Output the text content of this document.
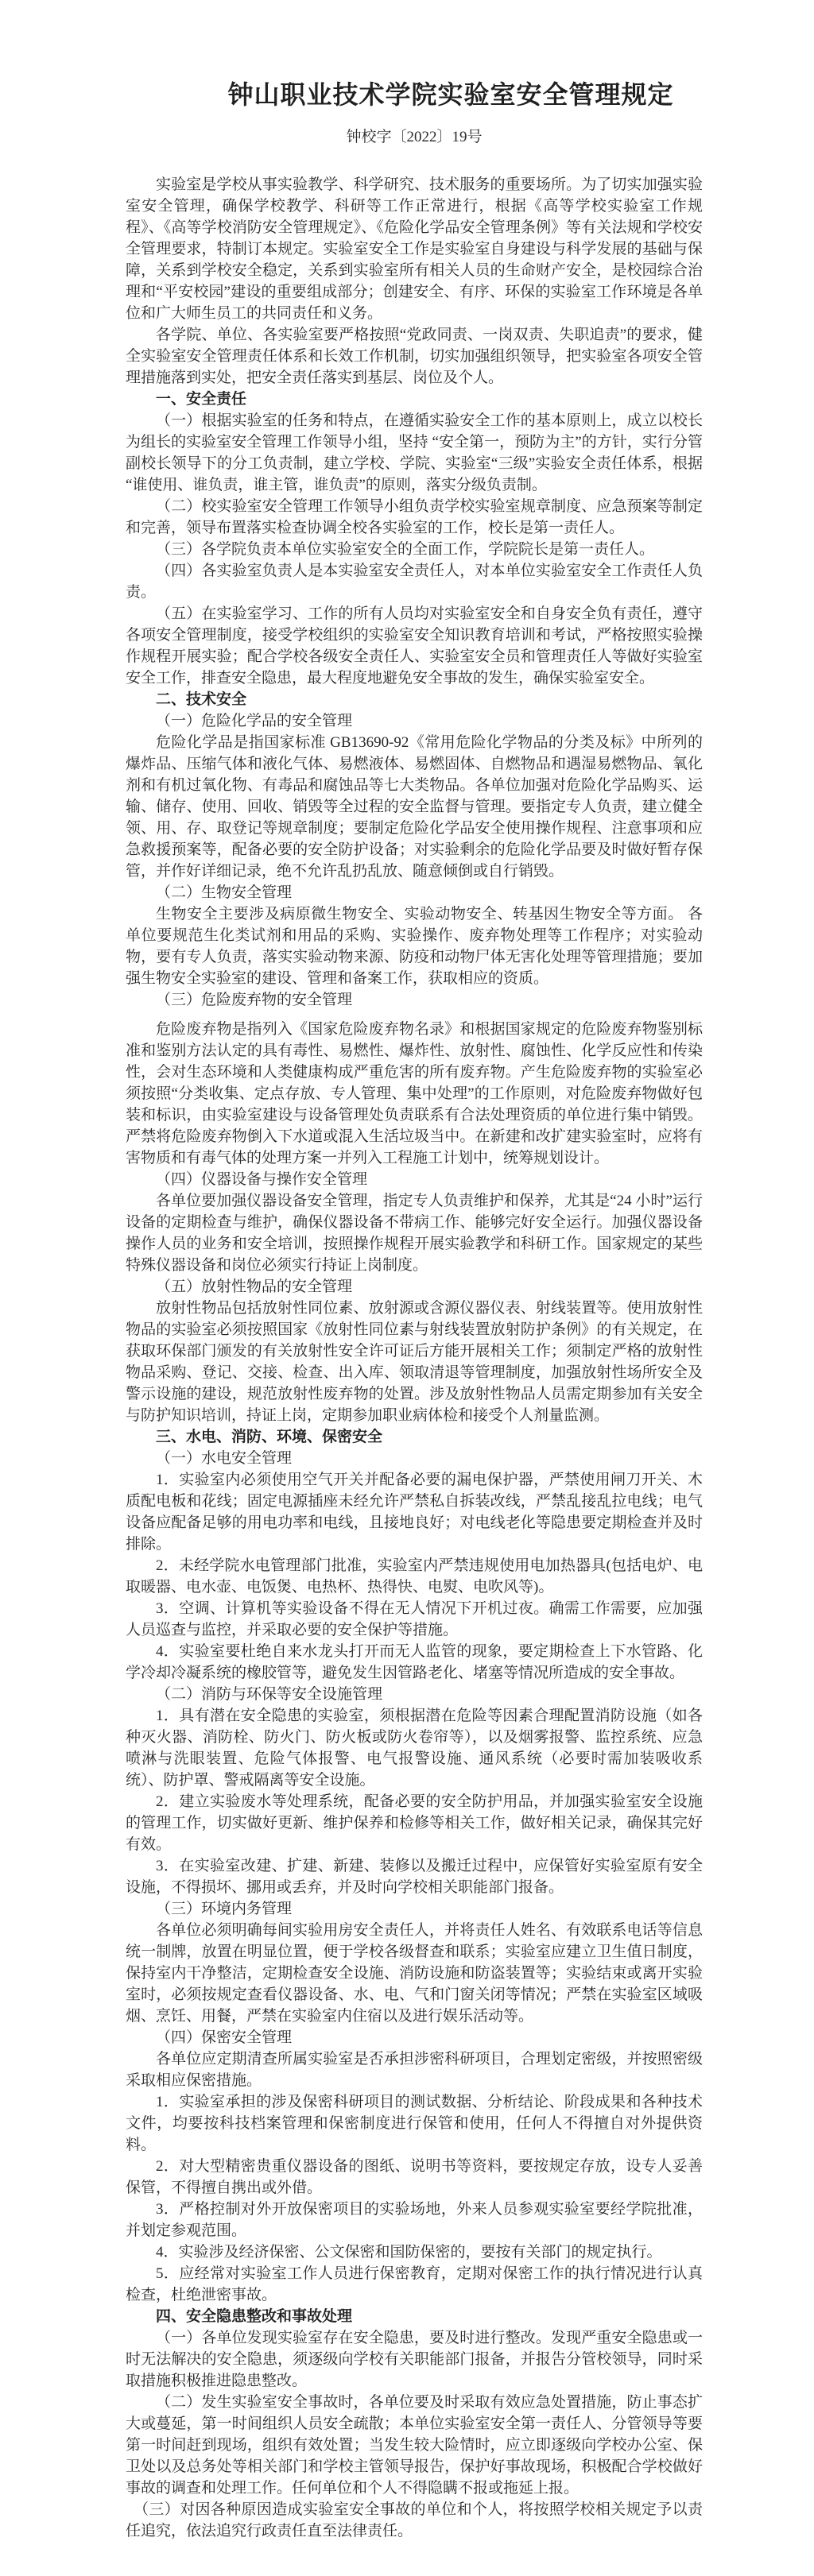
钟山职业技术学院实验室安全管理规定

钟校字〔2022〕19号

实验室是学校从事实验教学、科学研究、技术服务的重要场所。为了切实加强实验室安全管理，确保学校教学、科研等工作正常进行，根据《高等学校实验室工作规程》、《高等学校消防安全管理规定》、《危险化学品安全管理条例》等有关法规和学校安全管理要求，特制订本规定。实验室安全工作是实验室自身建设与科学发展的基础与保障，关系到学校安全稳定，关系到实验室所有相关人员的生命财产安全，是校园综合治理和“平安校园”建设的重要组成部分；创建安全、有序、环保的实验室工作环境是各单位和广大师生员工的共同责任和义务。

各学院、单位、各实验室要严格按照“党政同责、一岗双责、失职追责”的要求，健全实验室安全管理责任体系和长效工作机制，切实加强组织领导，把实验室各项安全管理措施落到实处，把安全责任落实到基层、岗位及个人。

一、安全责任

（一）根据实验室的任务和特点，在遵循实验安全工作的基本原则上，成立以校长为组长的实验室安全管理工作领导小组，坚持 “安全第一，预防为主”的方针，实行分管副校长领导下的分工负责制，建立学校、学院、实验室“三级”实验安全责任体系，根据“谁使用、谁负责，谁主管，谁负责”的原则，落实分级负责制。

（二）校实验室安全管理工作领导小组负责学校实验室规章制度、应急预案等制定和完善，领导布置落实检查协调全校各实验室的工作，校长是第一责任人。

（三）各学院负责本单位实验室安全的全面工作，学院院长是第一责任人。

（四）各实验室负责人是本实验室安全责任人，对本单位实验室安全工作责任人负责。

（五）在实验室学习、工作的所有人员均对实验室安全和自身安全负有责任，遵守各项安全管理制度，接受学校组织的实验室安全知识教育培训和考试，严格按照实验操作规程开展实验；配合学校各级安全责任人、实验室安全员和管理责任人等做好实验室安全工作，排查安全隐患，最大程度地避免安全事故的发生，确保实验室安全。

二、技术安全

（一）危险化学品的安全管理

危险化学品是指国家标准 GB13690-92《常用危险化学物品的分类及标》中所列的爆炸品、压缩气体和液化气体、易燃液体、易燃固体、自燃物品和遇湿易燃物品、氧化剂和有机过氧化物、有毒品和腐蚀品等七大类物品。各单位加强对危险化学品购买、运输、储存、使用、回收、销毁等全过程的安全监督与管理。要指定专人负责，建立健全领、用、存、取登记等规章制度；要制定危险化学品安全使用操作规程、注意事项和应急救援预案等，配备必要的安全防护设备；对实验剩余的危险化学品要及时做好暂存保管，并作好详细记录，绝不允许乱扔乱放、随意倾倒或自行销毁。

（二）生物安全管理

生物安全主要涉及病原微生物安全、实验动物安全、转基因生物安全等方面。 各单位要规范生化类试剂和用品的采购、实验操作、废弃物处理等工作程序；对实验动物，要有专人负责，落实实验动物来源、防疫和动物尸体无害化处理等管理措施；要加强生物安全实验室的建设、管理和备案工作，获取相应的资质。

（三）危险废弃物的安全管理

危险废弃物是指列入《国家危险废弃物名录》和根据国家规定的危险废弃物鉴别标准和鉴别方法认定的具有毒性、易燃性、爆炸性、放射性、腐蚀性、化学反应性和传染性，会对生态环境和人类健康构成严重危害的所有废弃物。产生危险废弃物的实验室必须按照“分类收集、定点存放、专人管理、集中处理”的工作原则，对危险废弃物做好包装和标识，由实验室建设与设备管理处负责联系有合法处理资质的单位进行集中销毁。严禁将危险废弃物倒入下水道或混入生活垃圾当中。在新建和改扩建实验室时，应将有害物质和有毒气体的处理方案一并列入工程施工计划中，统筹规划设计。

（四）仪器设备与操作安全管理

各单位要加强仪器设备安全管理，指定专人负责维护和保养，尤其是“24 小时”运行设备的定期检查与维护，确保仪器设备不带病工作、能够完好安全运行。加强仪器设备操作人员的业务和安全培训，按照操作规程开展实验教学和科研工作。国家规定的某些特殊仪器设备和岗位必须实行持证上岗制度。

（五）放射性物品的安全管理

放射性物品包括放射性同位素、放射源或含源仪器仪表、射线装置等。使用放射性物品的实验室必须按照国家《放射性同位素与射线装置放射防护条例》的有关规定，在获取环保部门颁发的有关放射性安全许可证后方能开展相关工作；须制定严格的放射性物品采购、登记、交接、检查、出入库、领取清退等管理制度，加强放射性场所安全及警示设施的建设，规范放射性废弃物的处置。涉及放射性物品人员需定期参加有关安全与防护知识培训，持证上岗，定期参加职业病体检和接受个人剂量监测。

三、水电、消防、环境、保密安全

（一）水电安全管理

1．实验室内必须使用空气开关并配备必要的漏电保护器，严禁使用闸刀开关、木质配电板和花线；固定电源插座未经允许严禁私自拆装改线，严禁乱接乱拉电线；电气设备应配备足够的用电功率和电线，且接地良好；对电线老化等隐患要定期检查并及时排除。

2．未经学院水电管理部门批准，实验室内严禁违规使用电加热器具(包括电炉、电取暖器、电水壶、电饭煲、电热杯、热得快、电熨、电吹风等)。

3．空调、计算机等实验设备不得在无人情况下开机过夜。确需工作需要，应加强人员巡查与监控，并采取必要的安全保护等措施。

4．实验室要杜绝自来水龙头打开而无人监管的现象，要定期检查上下水管路、化学冷却冷凝系统的橡胶管等，避免发生因管路老化、堵塞等情况所造成的安全事故。

（二）消防与环保等安全设施管理

1．具有潜在安全隐患的实验室，须根据潜在危险等因素合理配置消防设施（如各种灭火器、消防栓、防火门、防火板或防火卷帘等），以及烟雾报警、监控系统、应急喷淋与洗眼装置、危险气体报警、电气报警设施、通风系统（必要时需加装吸收系统）、防护罩、警戒隔离等安全设施。

2．建立实验废水等处理系统，配备必要的安全防护用品，并加强实验室安全设施的管理工作，切实做好更新、维护保养和检修等相关工作，做好相关记录，确保其完好有效。

3．在实验室改建、扩建、新建、装修以及搬迁过程中，应保管好实验室原有安全设施，不得损坏、挪用或丢弃，并及时向学校相关职能部门报备。

（三）环境内务管理

各单位必须明确每间实验用房安全责任人，并将责任人姓名、有效联系电话等信息统一制牌，放置在明显位置，便于学校各级督查和联系；实验室应建立卫生值日制度，保持室内干净整洁，定期检查安全设施、消防设施和防盗装置等；实验结束或离开实验室时，必须按规定查看仪器设备、水、电、气和门窗关闭等情况；严禁在实验室区域吸烟、烹饪、用餐，严禁在实验室内住宿以及进行娱乐活动等。

（四）保密安全管理

各单位应定期清查所属实验室是否承担涉密科研项目，合理划定密级，并按照密级采取相应保密措施。

1．实验室承担的涉及保密科研项目的测试数据、分析结论、阶段成果和各种技术文件，均要按科技档案管理和保密制度进行保管和使用，任何人不得擅自对外提供资料。

2．对大型精密贵重仪器设备的图纸、说明书等资料，要按规定存放，设专人妥善保管，不得擅自携出或外借。

3．严格控制对外开放保密项目的实验场地，外来人员参观实验室要经学院批准，并划定参观范围。

4．实验涉及经济保密、公文保密和国防保密的，要按有关部门的规定执行。

5．应经常对实验室工作人员进行保密教育，定期对保密工作的执行情况进行认真检查，杜绝泄密事故。

四、安全隐患整改和事故处理

（一）各单位发现实验室存在安全隐患，要及时进行整改。发现严重安全隐患或一时无法解决的安全隐患，须逐级向学校有关职能部门报备，并报告分管校领导，同时采取措施积极推进隐患整改。

（二）发生实验室安全事故时，各单位要及时采取有效应急处置措施，防止事态扩大或蔓延，第一时间组织人员安全疏散；本单位实验室安全第一责任人、分管领导等要第一时间赶到现场，组织有效处置；当发生较大险情时，应立即逐级向学校办公室、保卫处以及总务处等相关部门和学校主管领导报告，保护好事故现场，积极配合学校做好事故的调查和处理工作。任何单位和个人不得隐瞒不报或拖延上报。

（三）对因各种原因造成实验室安全事故的单位和个人，将按照学校相关规定予以责任追究，依法追究行政责任直至法律责任。
